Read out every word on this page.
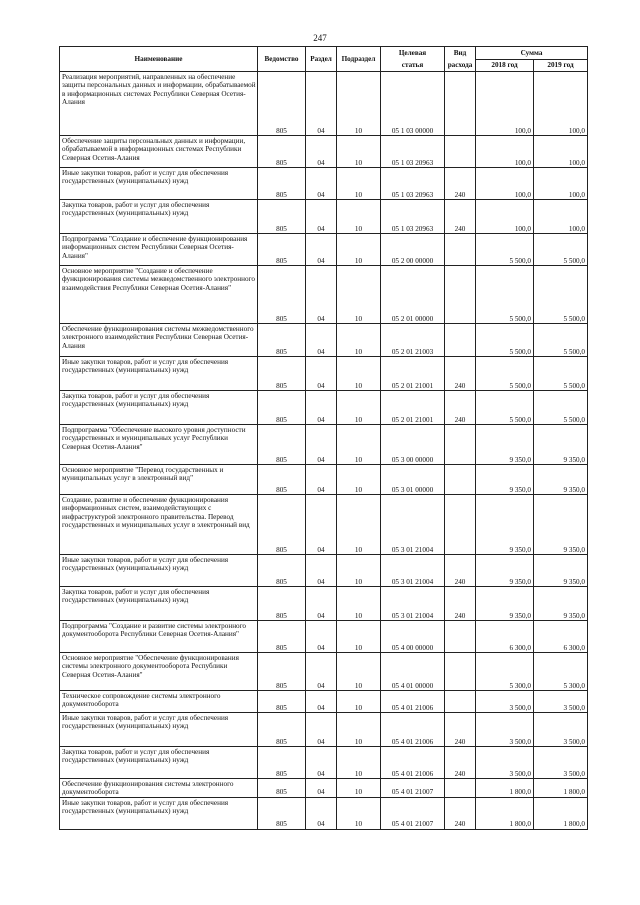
247
Наименование	Ведомство	Раздел	Подраздел	Целевая	Вид	Сумма	
				статья	расхода	2018 год	2019 год
Реализация мероприятий, направленных на обеспечение защиты персональных данных и информации, обрабатываемой в информационных системах Республики Северная Осетия-Алания	805	04	10	05 1 03 00000		100,0	100,0
Обеспечение защиты персональных данных и информации, обрабатываемой в информационных системах Республики Северная Осетия-Алания	805	04	10	05 1 03 20963		100,0	100,0
Иные закупки товаров, работ и услуг для обеспечения государственных (муниципальных) нужд	805	04	10	05 1 03 20963	240	100,0	100,0
Закупка товаров, работ и услуг для обеспечения государственных (муниципальных) нужд	805	04	10	05 1 03 20963	240	100,0	100,0
Подпрограмма "Создание и обеспечение функционирования информационных систем Республики Северная Осетия-Алания"	805	04	10	05 2 00 00000		5 500,0	5 500,0
Основное мероприятие "Создание и обеспечение функционирования системы межведомственного электронного взаимодействия Республики Северная Осетия-Алания"	805	04	10	05 2 01 00000		5 500,0	5 500,0
Обеспечение функционирования системы межведомственного электронного взаимодействия Республики Северная Осетия-Алания	805	04	10	05 2 01 21003		5 500,0	5 500,0
Иные закупки товаров, работ и услуг для обеспечения государственных (муниципальных) нужд	805	04	10	05 2 01 21001	240	5 500,0	5 500,0
Закупка товаров, работ и услуг для обеспечения государственных (муниципальных) нужд	805	04	10	05 2 01 21001	240	5 500,0	5 500,0
Подпрограмма "Обеспечение высокого уровня доступности государственных и муниципальных услуг Республики Северная Осетия-Алания"	805	04	10	05 3 00 00000		9 350,0	9 350,0
Основное мероприятие "Перевод государственных и муниципальных услуг в электронный вид"	805	04	10	05 3 01 00000		9 350,0	9 350,0
Создание, развитие и обеспечение функционирования информационных систем, взаимодействующих с инфраструктурой электронного правительства. Перевод государственных и муниципальных услуг в электронный вид	805	04	10	05 3 01 21004		9 350,0	9 350,0
Иные закупки товаров, работ и услуг для обеспечения государственных (муниципальных) нужд	805	04	10	05 3 01 21004	240	9 350,0	9 350,0
Закупка товаров, работ и услуг для обеспечения государственных (муниципальных) нужд	805	04	10	05 3 01 21004	240	9 350,0	9 350,0
Подпрограмма "Создание и развитие системы электронного документооборота Республики Северная Осетия-Алания"	805	04	10	05 4 00 00000		6 300,0	6 300,0
Основное мероприятие "Обеспечение функционирования системы электронного документооборота Республики Северная Осетия-Алания"	805	04	10	05 4 01 00000		5 300,0	5 300,0
Техническое сопровождение системы электронного документооборота	805	04	10	05 4 01 21006		3 500,0	3 500,0
Иные закупки товаров, работ и услуг для обеспечения государственных (муниципальных) нужд	805	04	10	05 4 01 21006	240	3 500,0	3 500,0
Закупка товаров, работ и услуг для обеспечения государственных (муниципальных) нужд	805	04	10	05 4 01 21006	240	3 500,0	3 500,0
Обеспечение функционирования системы электронного документооборота	805	04	10	05 4 01 21007		1 800,0	1 800,0
Иные закупки товаров, работ и услуг для обеспечения государственных (муниципальных) нужд	805	04	10	05 4 01 21007	240	1 800,0	1 800,0
